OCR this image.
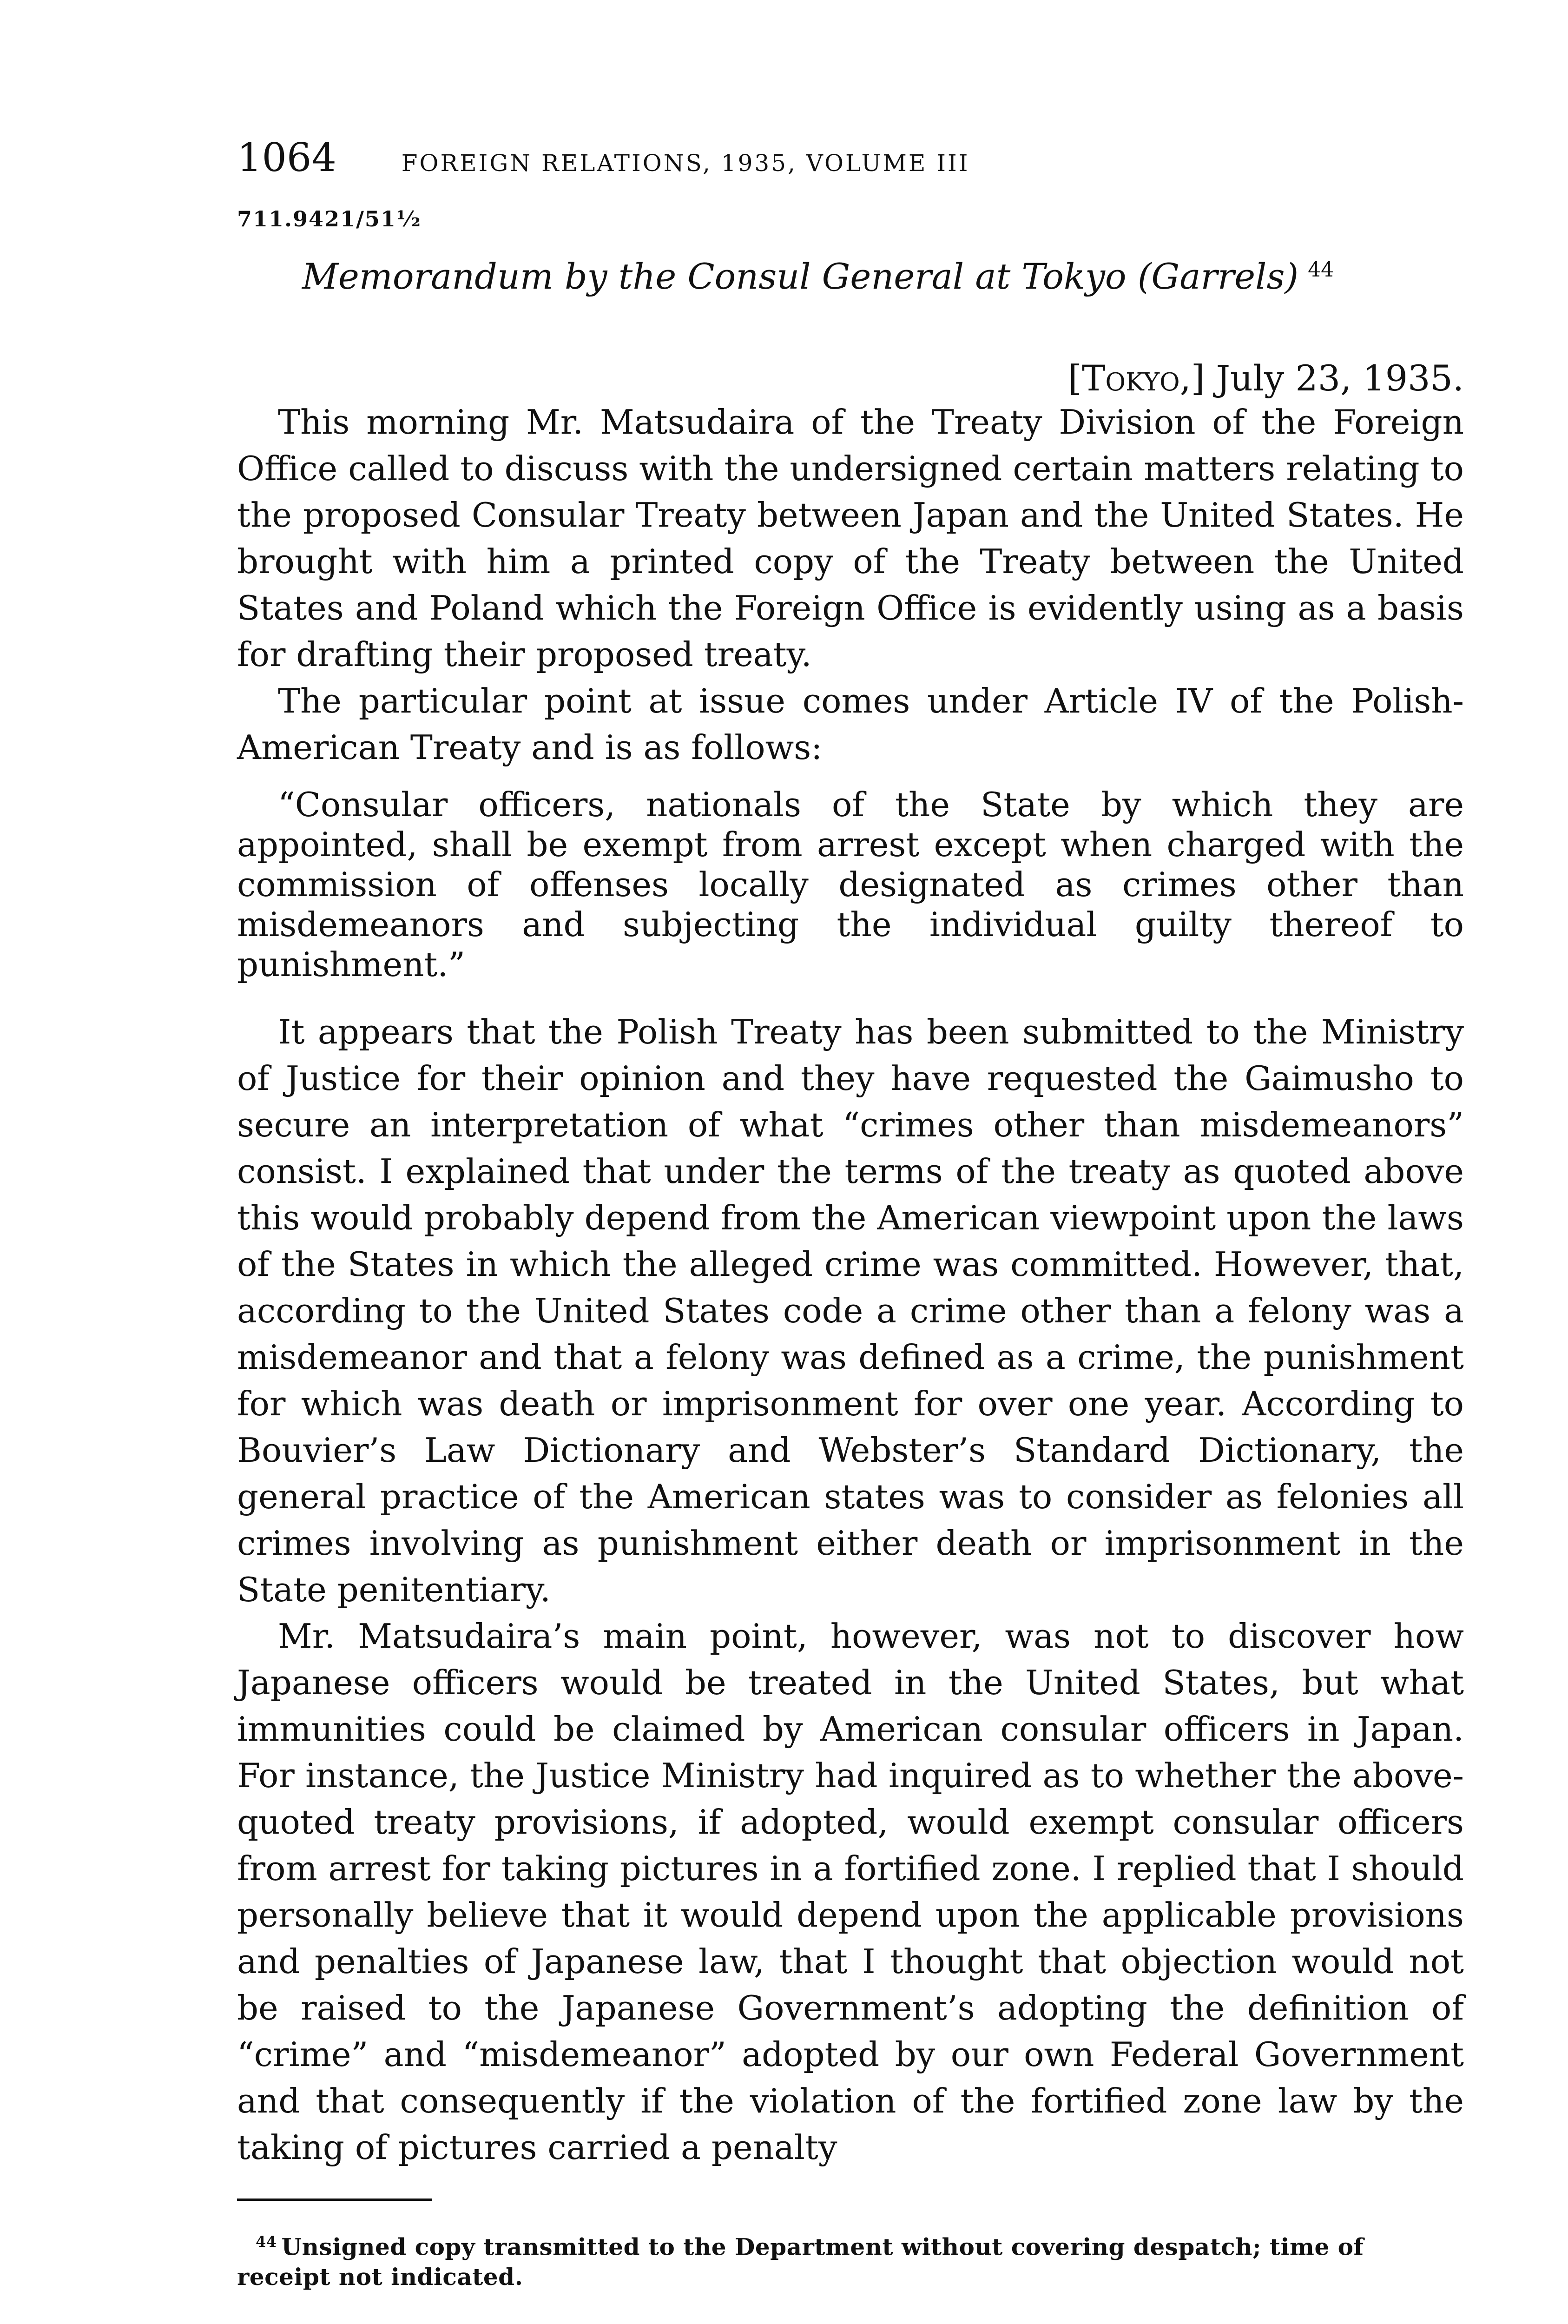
1064	FOREIGN RELATIONS, 1935, VOLUME III
711.9421/51¹⁄₂
Memorandum by the Consul General at Tokyo (Garrels) $^{44}$
[Tokyo,] July 23, 1935.

This morning Mr. Matsudaira of the Treaty Division of the Foreign Office called to discuss with the undersigned certain matters relating to the proposed Consular Treaty between Japan and the United States. He brought with him a printed copy of the Treaty between the United States and Poland which the Foreign Office is evidently using as a basis for drafting their proposed treaty.

The particular point at issue comes under Article IV of the Polish-American Treaty and is as follows:

“Consular officers, nationals of the State by which they are appointed, shall be exempt from arrest except when charged with the commission of offenses locally designated as crimes other than misdemeanors and subjecting the individual guilty thereof to punishment.”

It appears that the Polish Treaty has been submitted to the Ministry of Justice for their opinion and they have requested the Gaimusho to secure an interpretation of what “crimes other than misdemeanors” consist. I explained that under the terms of the treaty as quoted above this would probably depend from the American viewpoint upon the laws of the States in which the alleged crime was committed. However, that, according to the United States code a crime other than a felony was a misdemeanor and that a felony was defined as a crime, the punishment for which was death or imprisonment for over one year. According to Bouvier’s Law Dictionary and Webster’s Standard Dictionary, the general practice of the American states was to consider as felonies all crimes involving as punishment either death or imprisonment in the State penitentiary.

Mr. Matsudaira’s main point, however, was not to discover how Japanese officers would be treated in the United States, but what immunities could be claimed by American consular officers in Japan. For instance, the Justice Ministry had inquired as to whether the above-quoted treaty provisions, if adopted, would exempt consular officers from arrest for taking pictures in a fortified zone. I replied that I should personally believe that it would depend upon the applicable provisions and penalties of Japanese law, that I thought that objection would not be raised to the Japanese Government’s adopting the definition of “crime” and “misdemeanor” adopted by our own Federal Government and that consequently if the violation of the fortified zone law by the taking of pictures carried a penalty

$^{44}$ Unsigned copy transmitted to the Department without covering despatch; time of receipt not indicated.
